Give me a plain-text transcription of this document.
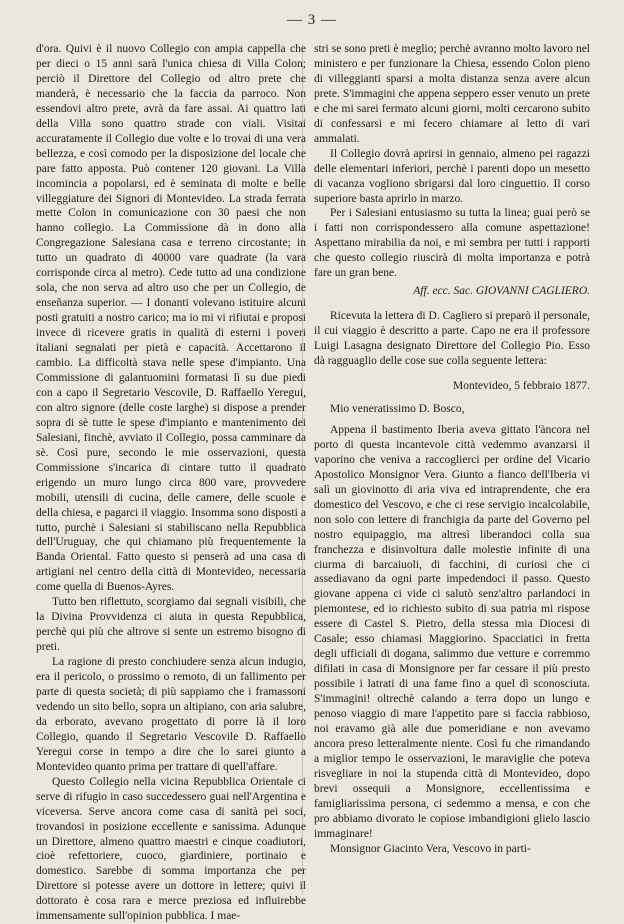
— 3 —

d'ora. Quivi è il nuovo Collegio con ampia cappella che per dieci o 15 anni sarà l'unica chiesa di Villa Colon; perciò il Direttore del Collegio od altro prete che manderà, è necessario che la faccia da parroco. Non essendovi altro prete, avrà da fare assai. Ai quattro lati della Villa sono quattro strade con viali. Visitai accuratamente il Collegio due volte e lo trovai di una vera bellezza, e così comodo per la disposizione del locale che pare fatto apposta. Può contener 120 giovani. La Villa incomincia a popolarsi, ed è seminata di molte e belle villeggiature dei Signori di Montevideo. La strada ferrata mette Colon in comunicazione con 30 paesi che non hanno collegio. La Commissione dà in dono alla Congregazione Salesiana casa e terreno circostante; in tutto un quadrato di 40000 vare quadrate (la vara corrisponde circa al metro). Cede tutto ad una condizione sola, che non serva ad altro uso che per un Collegio, de enseñanza superior. — I donanti volevano istituire alcuni posti gratuiti a nostro carico; ma io mi vi rifiutai e proposi invece di ricevere gratis in qualità di esterni i poveri italiani segnalati per pietà e capacità. Accettarono il cambio. La difficoltà stava nelle spese d'impianto. Una Commissione di galantuomini formatasi lì su due piedi con a capo il Segretario Vescovile, D. Raffaello Yeregui, con altro signore (delle coste larghe) si dispose a prender sopra di sè tutte le spese d'impianto e mantenimento dei Salesiani, finchè, avviato il Collegio, possa camminare da sè. Così pure, secondo le mie osservazioni, questa Commissione s'incarica di cintare tutto il quadrato erigendo un muro lungo circa 800 vare, provvedere mobili, utensili di cucina, delle camere, delle scuole e della chiesa, e pagarci il viaggio. Insomma sono disposti a tutto, purchè i Salesiani si stabiliscano nella Repubblica dell'Uruguay, che qui chiamano più frequentemente la Banda Oriental. Fatto questo si penserà ad una casa di artigiani nel centro della città di Montevideo, necessaria come quella di Buenos-Ayres.

Tutto ben riflettuto, scorgiamo dai segnali visibili, che la Divina Provvidenza ci aiuta in questa Repubblica, perchè qui più che altrove si sente un estremo bisogno di preti.

La ragione di presto conchiudere senza alcun indugio, era il pericolo, o prossimo o remoto, di un fallimento per parte di questa società; di più sappiamo che i framassoni vedendo un sito bello, sopra un altipiano, con aria salubre, da erborato, avevano progettato di porre là il loro Collegio, quando il Segretario Vescovile D. Raffaello Yeregui corse in tempo a dire che lo sarei giunto a Montevideo quanto prima per trattare di quell'affare.

Questo Collegio nella vicina Repubblica Orientale ci serve di rifugio in caso succedessero guai nell'Argentina e viceversa. Serve ancora come casa di sanità pei soci, trovandosi in posizione eccellente e sanissima. Adunque un Direttore, almeno quattro maestri e cinque coadiutori, cioè refettoriere, cuoco, giardiniere, portinaio e domestico. Sarebbe di somma importanza che per Direttore si potesse avere un dottore in lettere; quivi il dottorato è cosa rara e merce preziosa ed influirebbe immensamente sull'opinion pubblica. I mae-

stri se sono preti è meglio; perchè avranno molto lavoro nel ministero e per funzionare la Chiesa, essendo Colon pieno di villeggianti sparsi a molta distanza senza avere alcun prete. S'immagini che appena seppero esser venuto un prete e che mi sarei fermato alcuni giorni, molti cercarono subito di confessarsi e mi fecero chiamare al letto di vari ammalati.

Il Collegio dovrà aprirsi in gennaio, almeno pei ragazzi delle elementari inferiori, perchè i parenti dopo un mesetto di vacanza vogliono sbrigarsi dal loro cinguettio. Il corso superiore basta aprirlo in marzo.

Per i Salesiani entusiasmo su tutta la linea; guai però se i fatti non corrispondessero alla comune aspettazione! Aspettano mirabilia da noi, e mi sembra per tutti i rapporti che questo collegio riuscirà di molta importanza e potrà fare un gran bene.

Aff. ecc. Sac. GIOVANNI CAGLIERO.

Ricevuta la lettera di D. Cagliero si preparò il personale, il cui viaggio è descritto a parte. Capo ne era il professore Luigi Lasagna designato Direttore del Collegio Pio. Esso dà ragguaglio delle cose sue colla seguente lettera:

Montevideo, 5 febbraio 1877.

Mio veneratissimo D. Bosco,

Appena il bastimento Iberia aveva gittato l'àncora nel porto di questa incantevole città vedemmo avanzarsi il vaporino che veniva a raccoglierci per ordine del Vicario Apostolico Monsignor Vera. Giunto a fianco dell'Iberia vi salì un giovinotto di aria viva ed intraprendente, che era domestico del Vescovo, e che ci rese servigio incalcolabile, non solo con lettere di franchigia da parte del Governo pel nostro equipaggio, ma altresì liberandoci colla sua franchezza e disinvoltura dalle molestie infinite di una ciurma di barcaiuoli, di facchini, di curiosi che ci assediavano da ogni parte impedendoci il passo. Questo giovane appena ci vide ci salutò senz'altro parlandoci in piemontese, ed io richiesto subito di sua patria mi rispose essere di Castel S. Pietro, della stessa mia Diocesi di Casale; esso chiamasi Maggiorino. Spacciatici in fretta degli ufficiali di dogana, salimmo due vetture e corremmo difilati in casa di Monsignore per far cessare il più presto possibile i latrati di una fame fino a quel dì sconosciuta. S'immagini! oltrechè calando a terra dopo un lungo e penoso viaggio di mare l'appetito pare si faccia rabbioso, noi eravamo già alle due pomeridiane e non avevamo ancora preso letteralmente niente. Così fu che rimandando a miglior tempo le osservazioni, le maraviglie che poteva risvegliare in noi la stupenda città di Montevideo, dopo brevi ossequii a Monsignore, eccellentissima e famigliarissima persona, ci sedemmo a mensa, e con che pro abbiamo divorato le copiose imbandigioni glielo lascio immaginare!

Monsignor Giacinto Vera, Vescovo in parti-
